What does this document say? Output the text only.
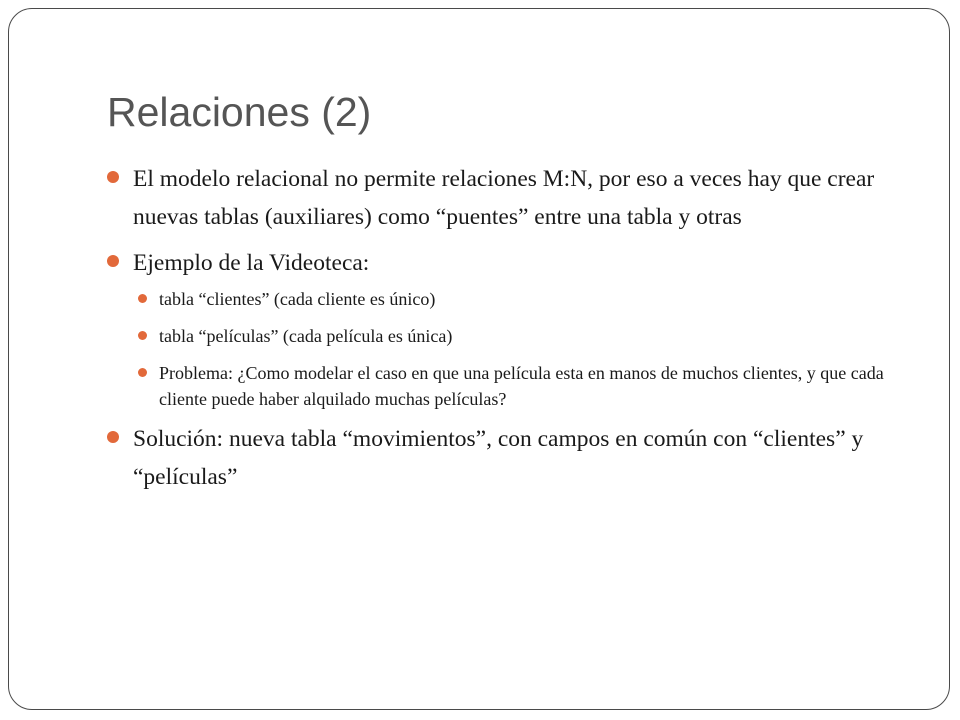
Relaciones (2)
El modelo relacional no permite relaciones M:N, por eso a veces hay que crear nuevas tablas (auxiliares) como “puentes” entre una tabla y otras
Ejemplo de la Videoteca:
tabla “clientes” (cada cliente es único)
tabla “películas” (cada película es única)
Problema: ¿Como modelar el caso en que una película esta en manos de muchos clientes, y que cada cliente puede haber alquilado muchas películas?
Solución: nueva tabla “movimientos”, con campos en común con “clientes” y “películas”
